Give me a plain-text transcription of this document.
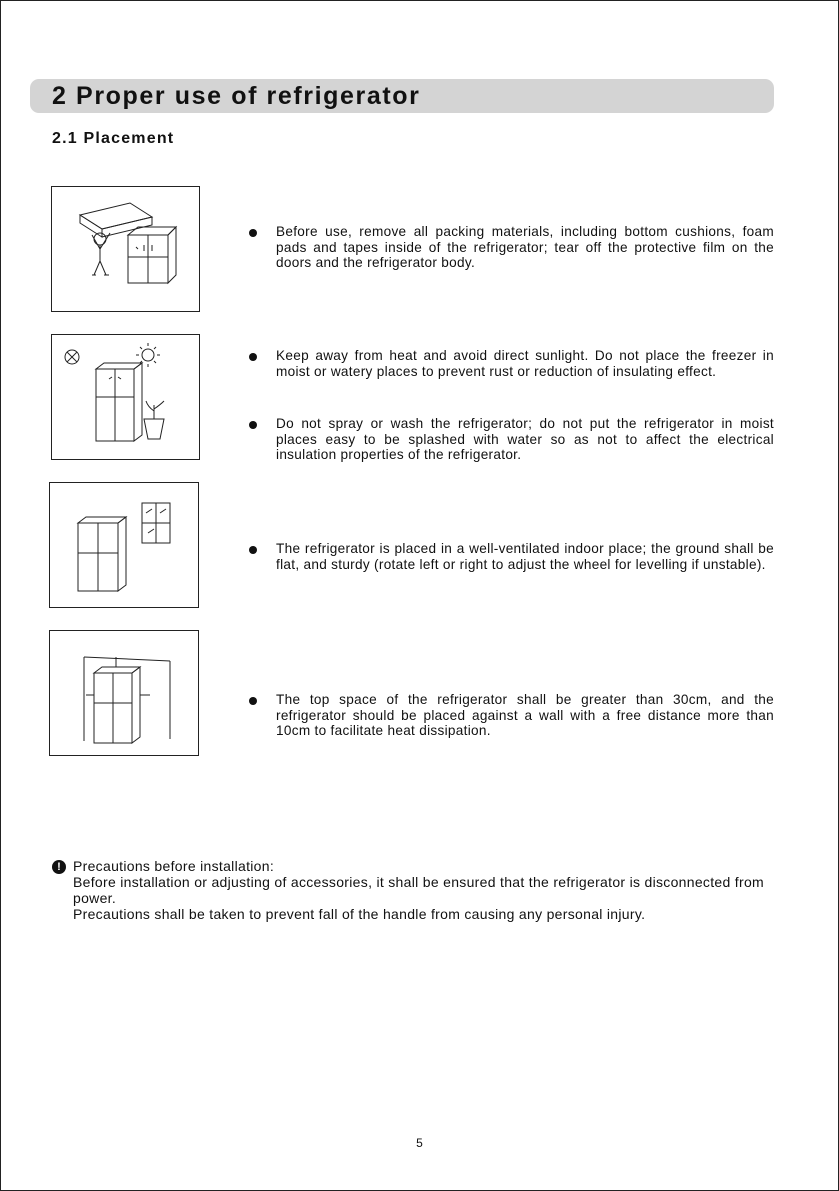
2 Proper use of refrigerator
2.1 Placement
Before use, remove all packing materials, including bottom cushions, foam pads and tapes inside of the refrigerator; tear off the protective film on the doors and the refrigerator body.
Keep away from heat and avoid direct sunlight. Do not place the freezer in moist or watery places to prevent rust or reduction of insulating effect.
Do not spray or wash the refrigerator; do not put the refrigerator in moist places easy to be splashed with water so as not to affect the electrical insulation properties of the refrigerator.
The refrigerator is placed in a well-ventilated indoor place; the ground shall be flat, and sturdy (rotate left or right to adjust the wheel for levelling if unstable).
The top space of the refrigerator shall be greater than 30cm, and the refrigerator should be placed against a wall with a free distance more than 10cm to facilitate heat dissipation.
! Precautions before installation:
Before installation or adjusting of accessories, it shall be ensured that the refrigerator is disconnected from power.
Precautions shall be taken to prevent fall of the handle from causing any personal injury.
5
